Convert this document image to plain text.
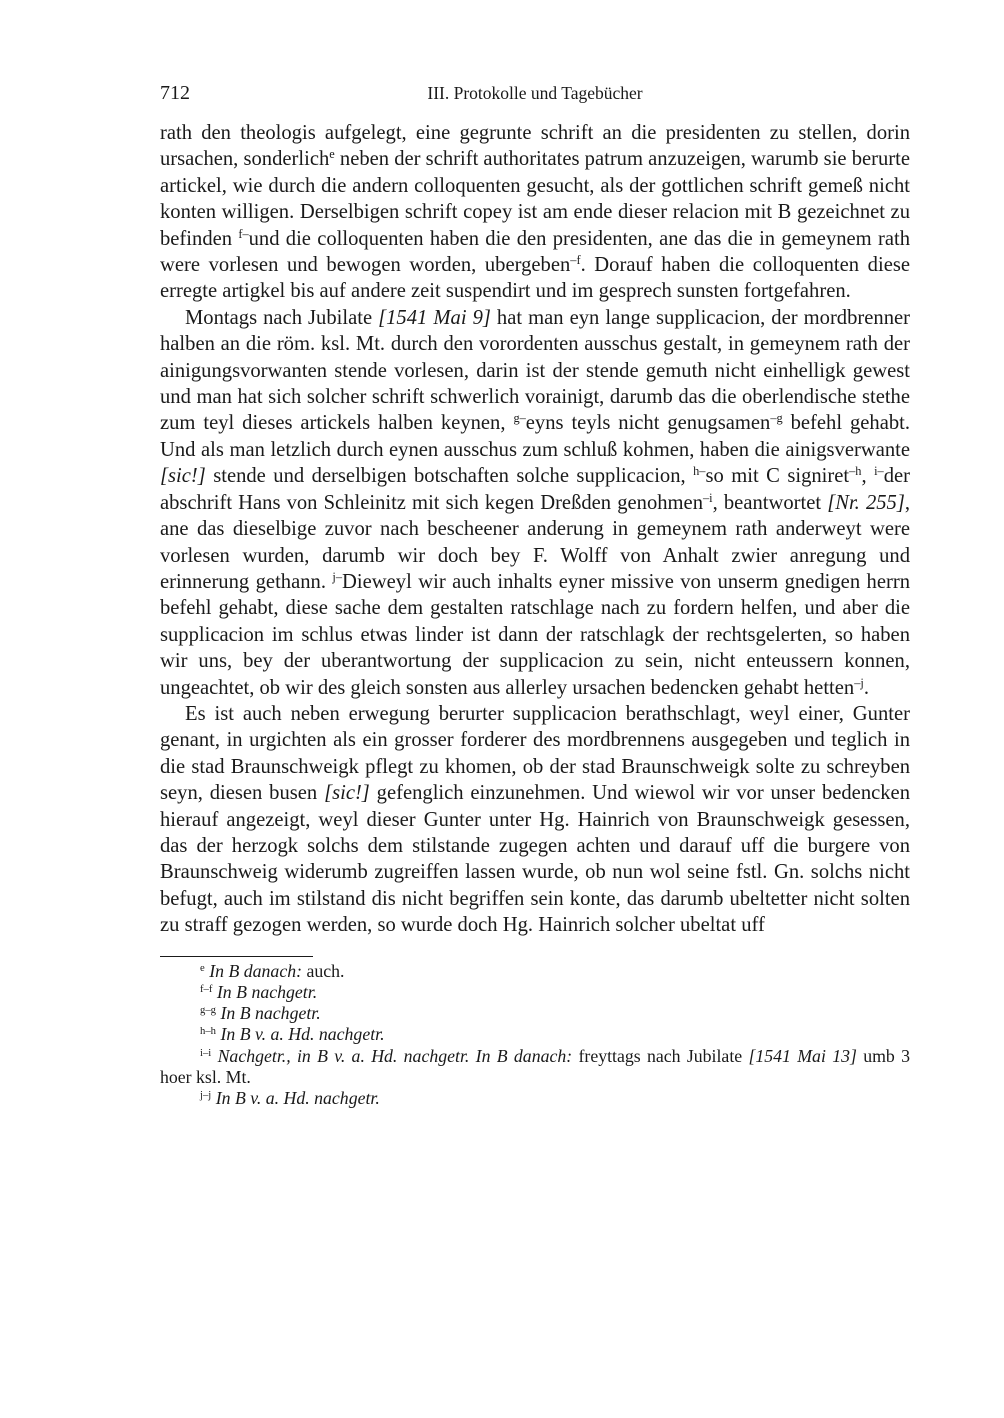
712	III. Protokolle und Tagebücher

rath den theologis aufgelegt, eine gegrunte schrift an die presidenten zu stellen, dorin ursachen, sonderlich$^e$ neben der schrift authoritates patrum anzuzeigen, warumb sie berurte artickel, wie durch die andern colloquenten gesucht, als der gottlichen schrift gemeß nicht konten willigen. Derselbigen schrift copey ist am ende dieser relacion mit B gezeichnet zu befinden $^{f-}$und die colloquenten haben die den presidenten, ane das die in gemeynem rath were vorlesen und bewogen worden, ubergeben$^{-f}$. Dorauf haben die colloquenten diese erregte artigkel bis auf andere zeit suspendirt und im gesprech sunsten fortgefahren.

Montags nach Jubilate [1541 Mai 9] hat man eyn lange supplicacion, der mordbrenner halben an die röm. ksl. Mt. durch den vorordenten ausschus gestalt, in gemeynem rath der ainigungsvorwanten stende vorlesen, darin ist der stende gemuth nicht einhelligk gewest und man hat sich solcher schrift schwerlich vorainigt, darumb das die oberlendische stethe zum teyl dieses artickels halben keynen, $^{g-}$eyns teyls nicht genugsamen$^{-g}$ befehl gehabt. Und als man letzlich durch eynen ausschus zum schluß kohmen, haben die ainigsverwante [sic!] stende und derselbigen botschaften solche supplicacion, $^{h-}$so mit C signiret$^{-h}$, $^{i-}$der abschrift Hans von Schleinitz mit sich kegen Dreßden genohmen$^{-i}$, beantwortet [Nr. 255], ane das dieselbige zuvor nach bescheener anderung in gemeynem rath anderweyt were vorlesen wurden, darumb wir doch bey F. Wolff von Anhalt zwier anregung und erinnerung gethann. $^{j-}$Dieweyl wir auch inhalts eyner missive von unserm gnedigen herrn befehl gehabt, diese sache dem gestalten ratschlage nach zu fordern helfen, und aber die supplicacion im schlus etwas linder ist dann der ratschlagk der rechtsgelerten, so haben wir uns, bey der uberantwortung der supplicacion zu sein, nicht enteussern konnen, ungeachtet, ob wir des gleich sonsten aus allerley ursachen bedencken gehabt hetten$^{-j}$.

Es ist auch neben erwegung berurter supplicacion berathschlagt, weyl einer, Gunter genant, in urgichten als ein grosser forderer des mordbrennens ausgegeben und teglich in die stad Braunschweigk pflegt zu khomen, ob der stad Braunschweigk solte zu schreyben seyn, diesen busen [sic!] gefenglich einzunehmen. Und wiewol wir vor unser bedencken hierauf angezeigt, weyl dieser Gunter unter Hg. Hainrich von Braunschweigk gesessen, das der herzogk solchs dem stilstande zugegen achten und darauf uff die burgere von Braunschweig widerumb zugreiffen lassen wurde, ob nun wol seine fstl. Gn. solchs nicht befugt, auch im stilstand dis nicht begriffen sein konte, das darumb ubeltetter nicht solten zu straff gezogen werden, so wurde doch Hg. Hainrich solcher ubeltat uff

$^e$ In B danach: auch.

$^{f-f}$ In B nachgetr.

$^{g-g}$ In B nachgetr.

$^{h-h}$ In B v. a. Hd. nachgetr.

$^{i-i}$ Nachgetr., in B v. a. Hd. nachgetr. In B danach: freyttags nach Jubilate [1541 Mai 13] umb 3 hoer ksl. Mt.

$^{j-j}$ In B v. a. Hd. nachgetr.
